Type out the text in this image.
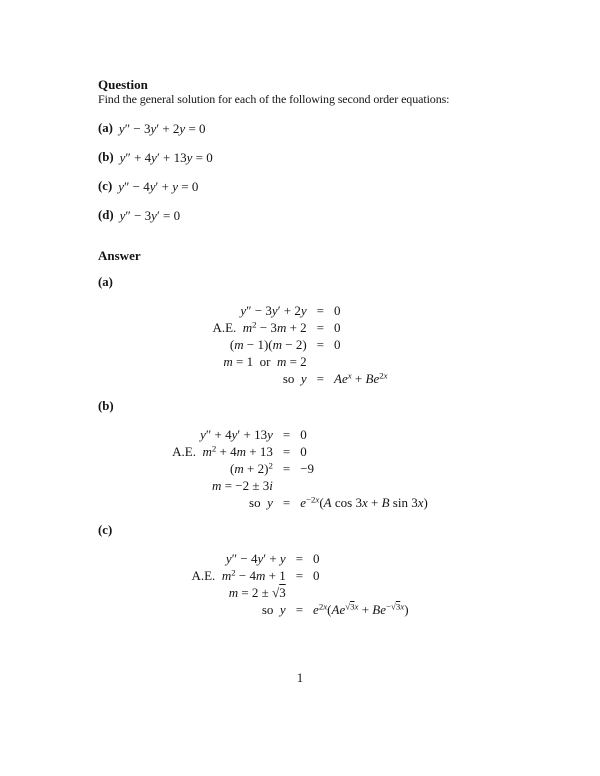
Question
Find the general solution for each of the following second order equations:
(a) y″ − 3y′ + 2y = 0
(b) y″ + 4y′ + 13y = 0
(c) y″ − 4y′ + y = 0
(d) y″ − 3y′ = 0
Answer
(a)
y″ − 3y′ + 2y	=	0
A.E. $m^2 - 3m + 2$	=	0
(m − 1)(m − 2)	=	0
m = 1  or m = 2		
so y	=	$Ae^x + Be^{2x}$
(b)
y″ + 4y′ + 13y	=	0
A.E. $m^2 + 4m + 13$	=	0
$(m + 2)^2$	=	−9
m = −2 ± 3i		
so y	=	$e^{-2x}(A$ cos 3x + B sin 3x)
(c)
y″ − 4y′ + y	=	0
A.E. $m^2 - 4m + 1$	=	0
m = 2 ± √3		
so y	=	$e^{2x}(Ae^{√3x} + Be^{-√3x})$
1
